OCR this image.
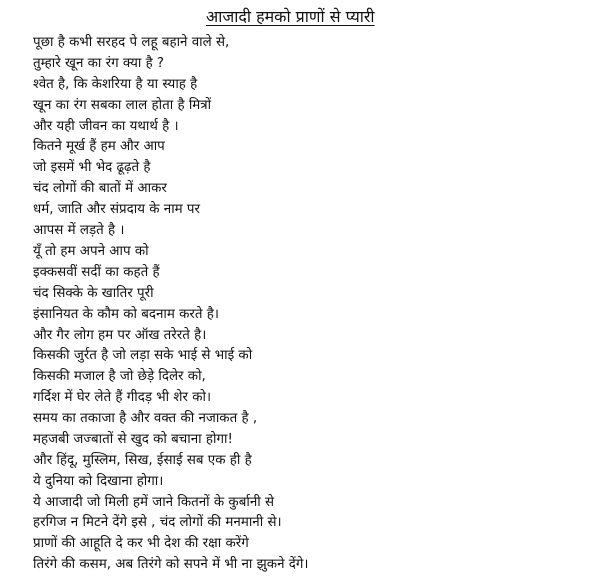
आजादी हमको प्राणों से प्यारी
पूछा है कभी सरहद पे लहू बहाने वाले से,
तुम्हारे खून का रंग क्या है ?
श्वेत है, कि केशरिया है या स्याह है
खून का रंग सबका लाल होता है मित्रों
और यही जीवन का यथार्थ है ।
कितने मूर्ख हैं हम और आप
जो इसमें भी भेद ढूढ़ते है
चंद लोगों की बातों में आकर
धर्म, जाति और संप्रदाय के नाम पर
आपस में लड़ते है ।
यूँ तो हम अपने आप को
इक्कसवीं सदीं का कहते हैं
चंद सिक्के के खातिर पूरी
इंसानियत के कौम को बदनाम करते है।
और गैर लोग हम पर ऑख तरेरते है।
किसकी जुर्रत है जो लड़ा सके भाई से भाई को
किसकी मजाल है जो छेड़े दिलेर को,
गर्दिश में घेर लेते हैं गीदड़ भी शेर को।
समय का तकाजा है और वक्त की नजाकत है ,
महजबी जज्बातों से खुद को बचाना होगा!
और हिंदू, मुस्लिम, सिख, ईसाई सब एक ही है
ये दुनिया को दिखाना होगा।
ये आजादी जो मिली हमें जाने कितनों के कुर्बानी से
हरगिज न मिटने देंगे इसे , चंद लोगों की मनमानी से।
प्राणों की आहूति दे कर भी देश की रक्षा करेंगे
तिरंगे की कसम, अब तिरंगे को सपने में भी ना झुकने देंगे।
